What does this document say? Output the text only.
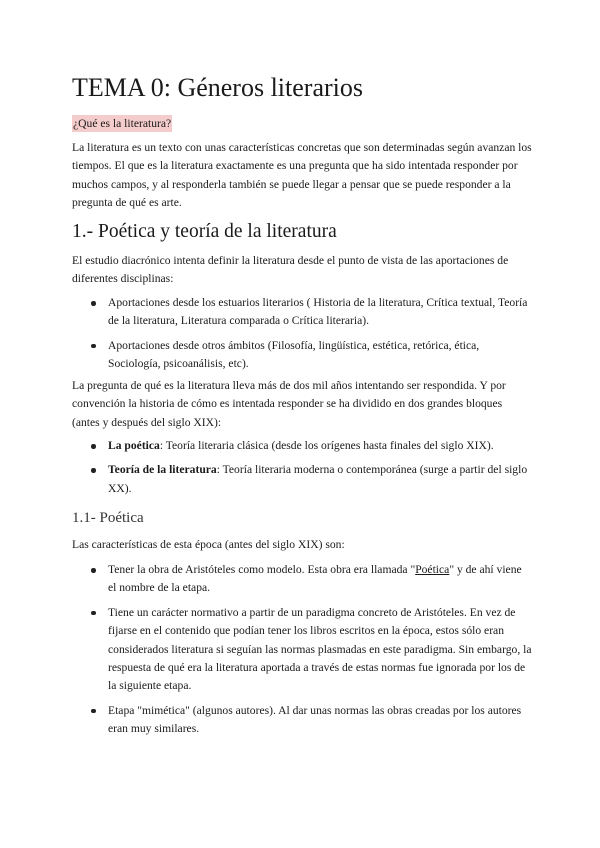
TEMA 0: Géneros literarios
¿Qué es la literatura?

La literatura es un texto con unas características concretas que son determinadas según avanzan los tiempos. El que es la literatura exactamente es una pregunta que ha sido intentada responder por muchos campos, y al responderla también se puede llegar a pensar que se puede responder a la pregunta de qué es arte.

1.- Poética y teoría de la literatura

El estudio diacrónico intenta definir la literatura desde el punto de vista de las aportaciones de diferentes disciplinas:

Aportaciones desde los estuarios literarios ( Historia de la literatura, Crítica textual, Teoría de la literatura, Literatura comparada o Crítica literaria).
Aportaciones desde otros ámbitos (Filosofía, lingüística, estética, retórica, ética, Sociología, psicoanálisis, etc).

La pregunta de qué es la literatura lleva más de dos mil años intentando ser respondida. Y por convención la historia de cómo es intentada responder se ha dividido en dos grandes bloques (antes y después del siglo XIX):

La poética: Teoría literaria clásica (desde los orígenes hasta finales del siglo XIX).
Teoría de la literatura: Teoría literaria moderna o contemporánea (surge a partir del siglo XX).
1.1- Poética

Las características de esta época (antes del siglo XIX) son:

Tener la obra de Aristóteles como modelo. Esta obra era llamada "Poética" y de ahí viene el nombre de la etapa.
Tiene un carácter normativo a partir de un paradigma concreto de Aristóteles. En vez de fijarse en el contenido que podían tener los libros escritos en la época, estos sólo eran considerados literatura si seguían las normas plasmadas en este paradigma. Sin embargo, la respuesta de qué era la literatura aportada a través de estas normas fue ignorada por los de la siguiente etapa.
Etapa "mimética" (algunos autores). Al dar unas normas las obras creadas por los autores eran muy similares.
